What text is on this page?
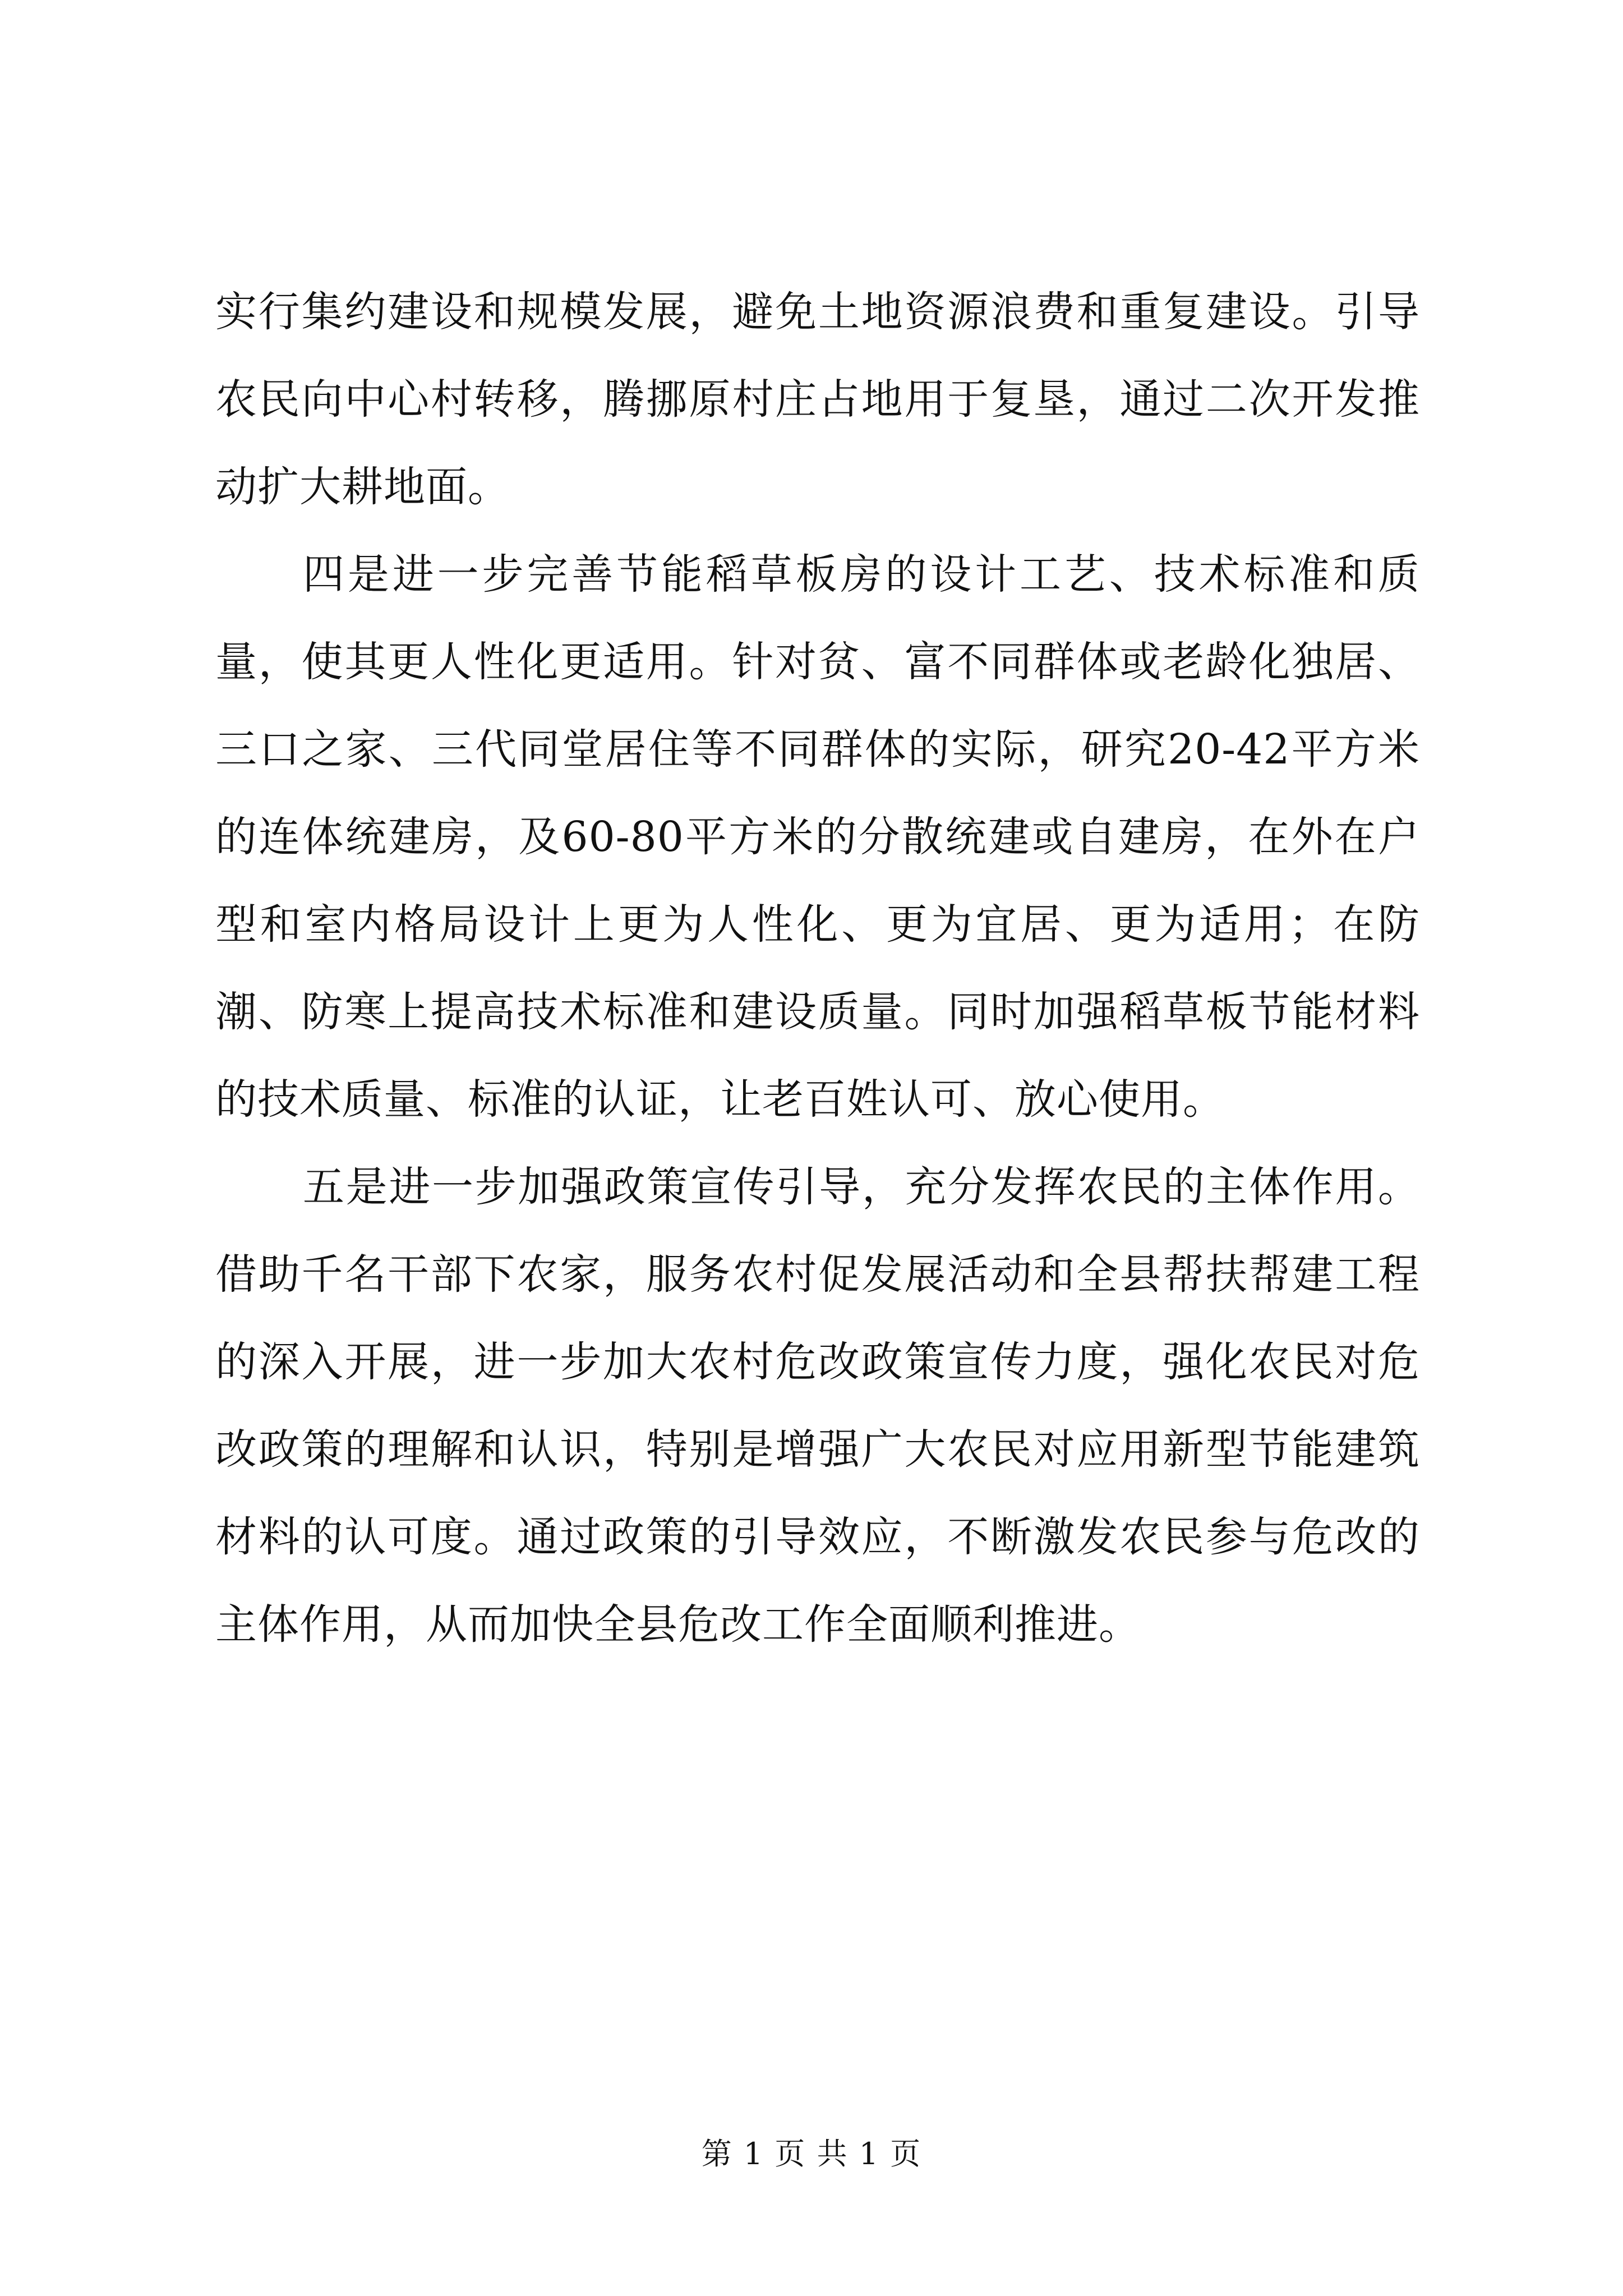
实行集约建设和规模发展，避免土地资源浪费和重复建设。引导农民向中心村转移，腾挪原村庄占地用于复垦，通过二次开发推动扩大耕地面。

四是进一步完善节能稻草板房的设计工艺、技术标准和质量，使其更人性化更适用。针对贫、富不同群体或老龄化独居、三口之家、三代同堂居住等不同群体的实际，研究20-42平方米的连体统建房，及60-80平方米的分散统建或自建房，在外在户型和室内格局设计上更为人性化、更为宜居、更为适用；在防潮、防寒上提高技术标准和建设质量。同时加强稻草板节能材料的技术质量、标准的认证，让老百姓认可、放心使用。

五是进一步加强政策宣传引导，充分发挥农民的主体作用。借助千名干部下农家，服务农村促发展活动和全县帮扶帮建工程的深入开展，进一步加大农村危改政策宣传力度，强化农民对危改政策的理解和认识，特别是增强广大农民对应用新型节能建筑材料的认可度。通过政策的引导效应，不断激发农民参与危改的主体作用，从而加快全县危改工作全面顺利推进。

第 1 页 共 1 页
